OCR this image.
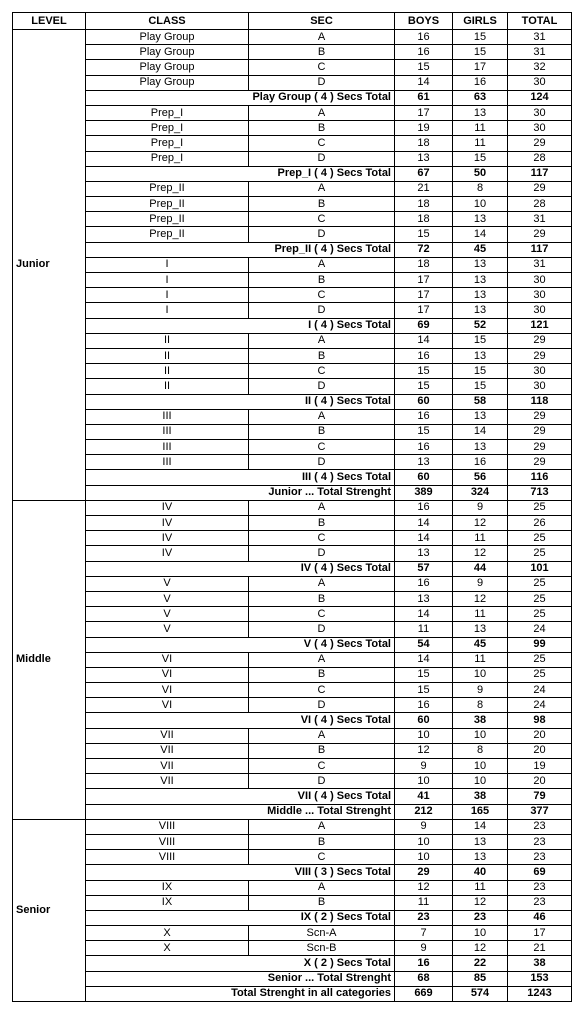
LEVEL	CLASS	SEC	BOYS	GIRLS	TOTAL
Junior	Play Group	A	16	15	31
	Play Group	B	16	15	31
	Play Group	C	15	17	32
	Play Group	D	14	16	30
	Play Group ( 4 ) Secs Total		61	63	124
	Prep_I	A	17	13	30
	Prep_I	B	19	11	30
	Prep_I	C	18	11	29
	Prep_I	D	13	15	28
	Prep_I ( 4 ) Secs Total		67	50	117
	Prep_II	A	21	8	29
	Prep_II	B	18	10	28
	Prep_II	C	18	13	31
	Prep_II	D	15	14	29
	Prep_II ( 4 ) Secs Total		72	45	117
	I	A	18	13	31
	I	B	17	13	30
	I	C	17	13	30
	I	D	17	13	30
	I ( 4 ) Secs Total		69	52	121
	II	A	14	15	29
	II	B	16	13	29
	II	C	15	15	30
	II	D	15	15	30
	II ( 4 ) Secs Total		60	58	118
	III	A	16	13	29
	III	B	15	14	29
	III	C	16	13	29
	III	D	13	16	29
	III ( 4 ) Secs Total		60	56	116
	Junior ... Total Strenght		389	324	713
Middle	IV	A	16	9	25
	IV	B	14	12	26
	IV	C	14	11	25
	IV	D	13	12	25
	IV ( 4 ) Secs Total		57	44	101
	V	A	16	9	25
	V	B	13	12	25
	V	C	14	11	25
	V	D	11	13	24
	V ( 4 ) Secs Total		54	45	99
	VI	A	14	11	25
	VI	B	15	10	25
	VI	C	15	9	24
	VI	D	16	8	24
	VI ( 4 ) Secs Total		60	38	98
	VII	A	10	10	20
	VII	B	12	8	20
	VII	C	9	10	19
	VII	D	10	10	20
	VII ( 4 ) Secs Total		41	38	79
	Middle ... Total Strenght		212	165	377
Senior	VIII	A	9	14	23
	VIII	B	10	13	23
	VIII	C	10	13	23
	VIII ( 3 ) Secs Total		29	40	69
	IX	A	12	11	23
	IX	B	11	12	23
	IX ( 2 ) Secs Total		23	23	46
	X	Scn-A	7	10	17
	X	Scn-B	9	12	21
	X ( 2 ) Secs Total		16	22	38
	Senior ... Total Strenght		68	85	153
	Total Strenght in all categories		669	574	1243
